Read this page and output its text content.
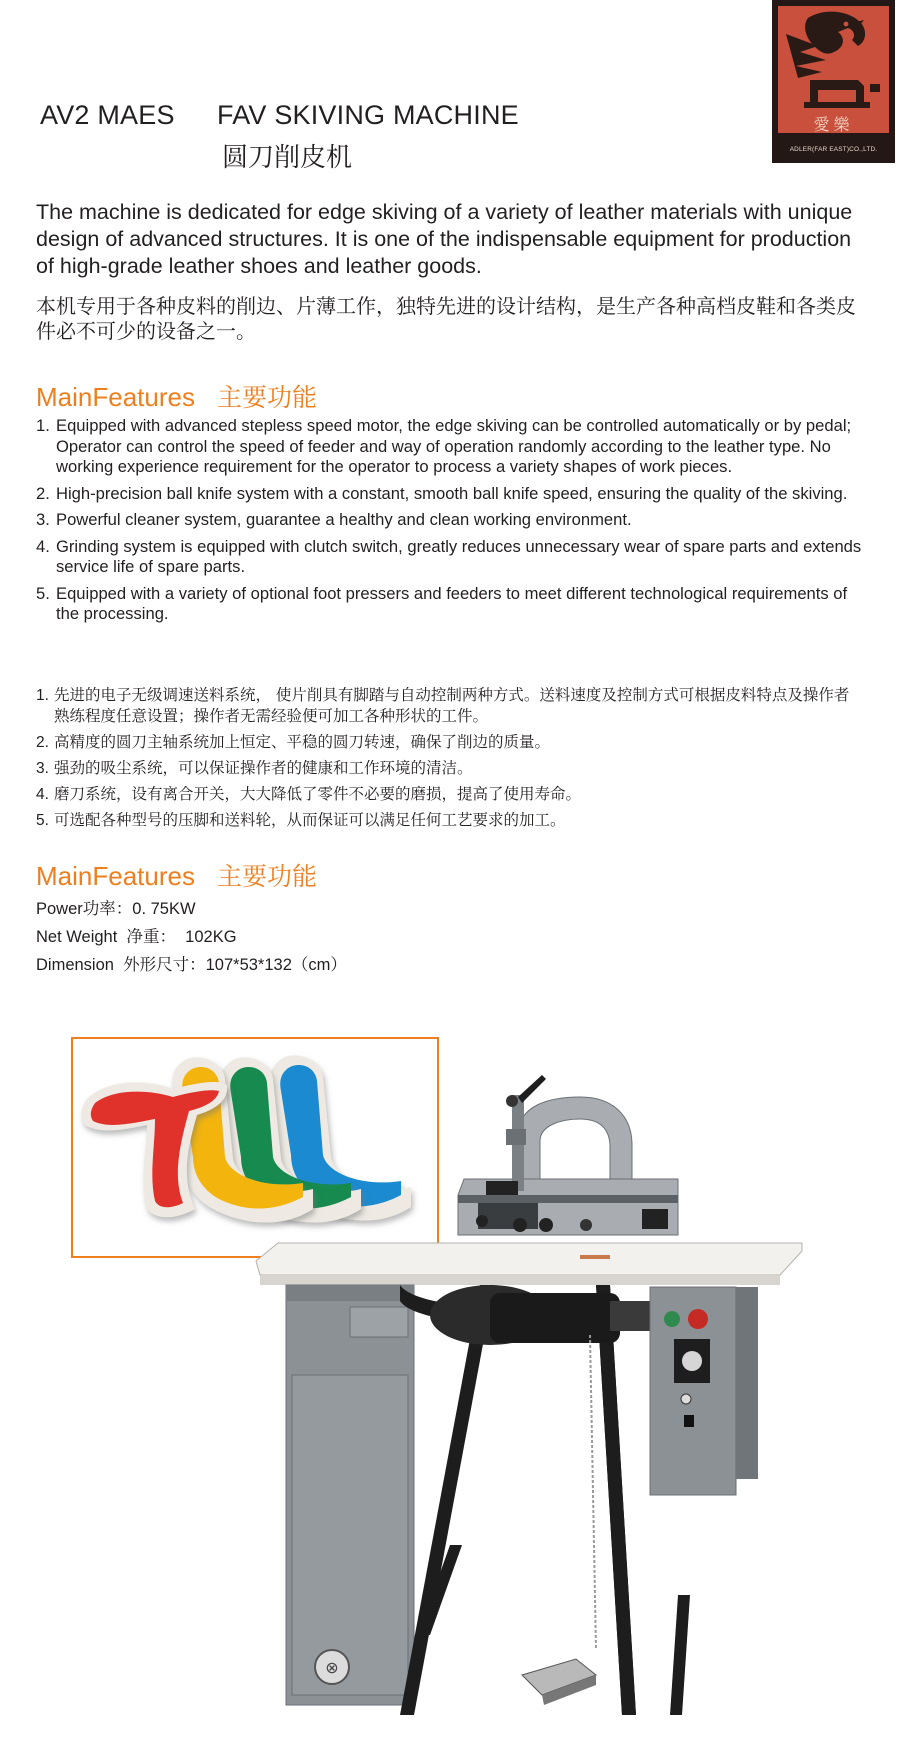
愛樂
ADLER(FAR EAST)CO.,LTD.
AV2 MAES FAV SKIVING MACHINE
圆刀削皮机
The machine is dedicated for edge skiving of a variety of leather materials with unique design of advanced structures. It is one of the indispensable equipment for production of high-grade leather shoes and leather goods.
本机专用于各种皮料的削边、片薄工作，独特先进的设计结构，是生产各种高档皮鞋和各类皮件必不可少的设备之一。
MainFeatures 主要功能
1. Equipped with advanced stepless speed motor, the edge skiving can be controlled automatically or by pedal; Operator can control the speed of feeder and way of operation randomly according to the leather type. No working experience requirement for the operator to process a variety shapes of work pieces.
2. High-precision ball knife system with a constant, smooth ball knife speed, ensuring the quality of the skiving.
3. Powerful cleaner system, guarantee a healthy and clean working environment.
4. Grinding system is equipped with clutch switch, greatly reduces unnecessary wear of spare parts and extends service life of spare parts.
5. Equipped with a variety of optional foot pressers and feeders to meet different technological requirements of the processing.
1. 先进的电子无级调速送料系统， 使片削具有脚踏与自动控制两种方式。送料速度及控制方式可根据皮料特点及操作者熟练程度任意设置；操作者无需经验便可加工各种形状的工件。
2. 高精度的圆刀主轴系统加上恒定、平稳的圆刀转速，确保了削边的质量。
3. 强劲的吸尘系统，可以保证操作者的健康和工作环境的清洁。
4. 磨刀系统，设有离合开关，大大降低了零件不必要的磨损，提高了使用寿命。
5. 可选配各种型号的压脚和送料轮，从而保证可以满足任何工艺要求的加工。
MainFeatures 主要功能
Power功率：0. 75KW
Net Weight 净重： 102KG
Dimension 外形尺寸：107*53*132（cm）
⊗
